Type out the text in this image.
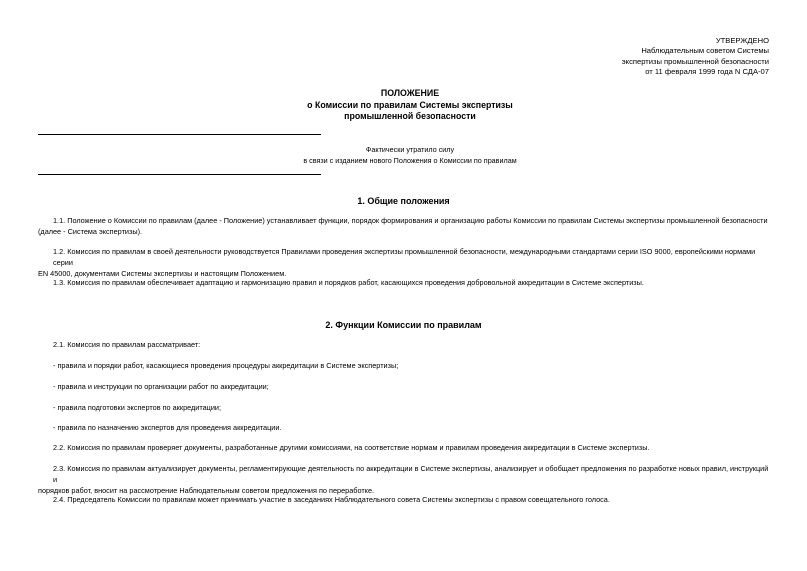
УТВЕРЖДЕНО
Наблюдательным советом Системы
экспертизы промышленной безопасности
от 11 февраля 1999 года N СДА-07
ПОЛОЖЕНИЕ
о Комиссии по правилам Системы экспертизы
промышленной безопасности
Фактически утратило силу
в связи с изданием нового Положения о Комиссии по правилам
1. Общие положения
1.1. Положение о Комиссии по правилам (далее - Положение) устанавливает функции, порядок формирования и организацию работы Комиссии по правилам Системы экспертизы промышленной безопасности
(далее - Система экспертизы).
1.2. Комиссия по правилам в своей деятельности руководствуется Правилами проведения экспертизы промышленной безопасности, международными стандартами серии ISO 9000, европейскими нормами серии
EN 45000, документами Системы экспертизы и настоящим Положением.
1.3. Комиссия по правилам обеспечивает адаптацию и гармонизацию правил и порядков работ, касающихся проведения добровольной аккредитации в Системе экспертизы.
2. Функции Комиссии по правилам
2.1. Комиссия по правилам рассматривает:
- правила и порядки работ, касающиеся проведения процедуры аккредитации в Системе экспертизы;
- правила и инструкции по организации работ по аккредитации;
- правила подготовки экспертов по аккредитации;
- правила по назначению экспертов для проведения аккредитации.
2.2. Комиссия по правилам проверяет документы, разработанные другими комиссиями, на соответствие нормам и правилам проведения аккредитации в Системе экспертизы.
2.3. Комиссия по правилам актуализирует документы, регламентирующие деятельность по аккредитации в Системе экспертизы, анализирует и обобщает предложения по разработке новых правил, инструкций и
порядков работ, вносит на рассмотрение Наблюдательным советом предложения по переработке.
2.4. Председатель Комиссии по правилам может принимать участие в заседаниях Наблюдательного совета Системы экспертизы с правом совещательного голоса.
